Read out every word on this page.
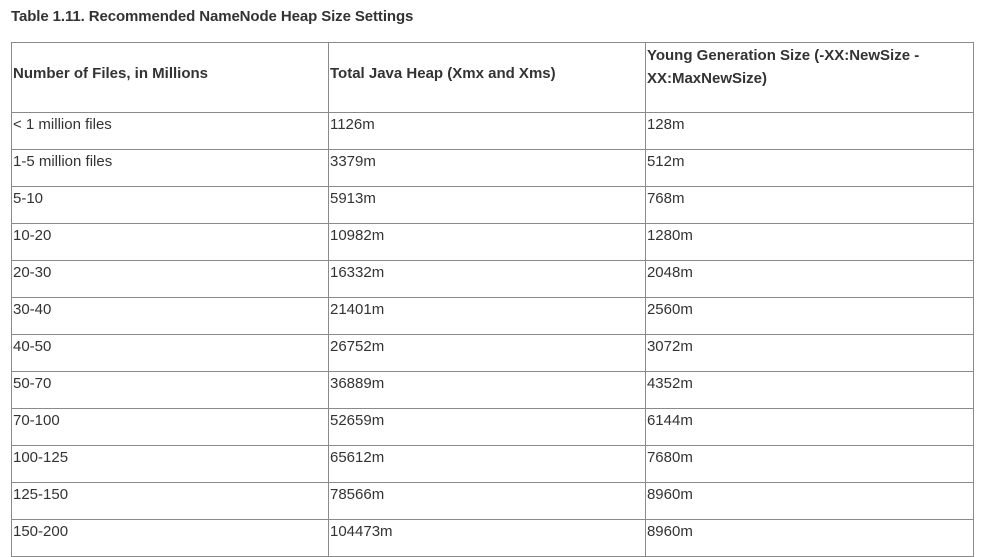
Table 1.11. Recommended NameNode Heap Size Settings
Number of Files, in Millions	Total Java Heap (Xmx and Xms)	Young Generation Size (-XX:NewSize -XX:MaxNewSize)
< 1 million files	1126m	128m
1-5 million files	3379m	512m
5-10	5913m	768m
10-20	10982m	1280m
20-30	16332m	2048m
30-40	21401m	2560m
40-50	26752m	3072m
50-70	36889m	4352m
70-100	52659m	6144m
100-125	65612m	7680m
125-150	78566m	8960m
150-200	104473m	8960m
